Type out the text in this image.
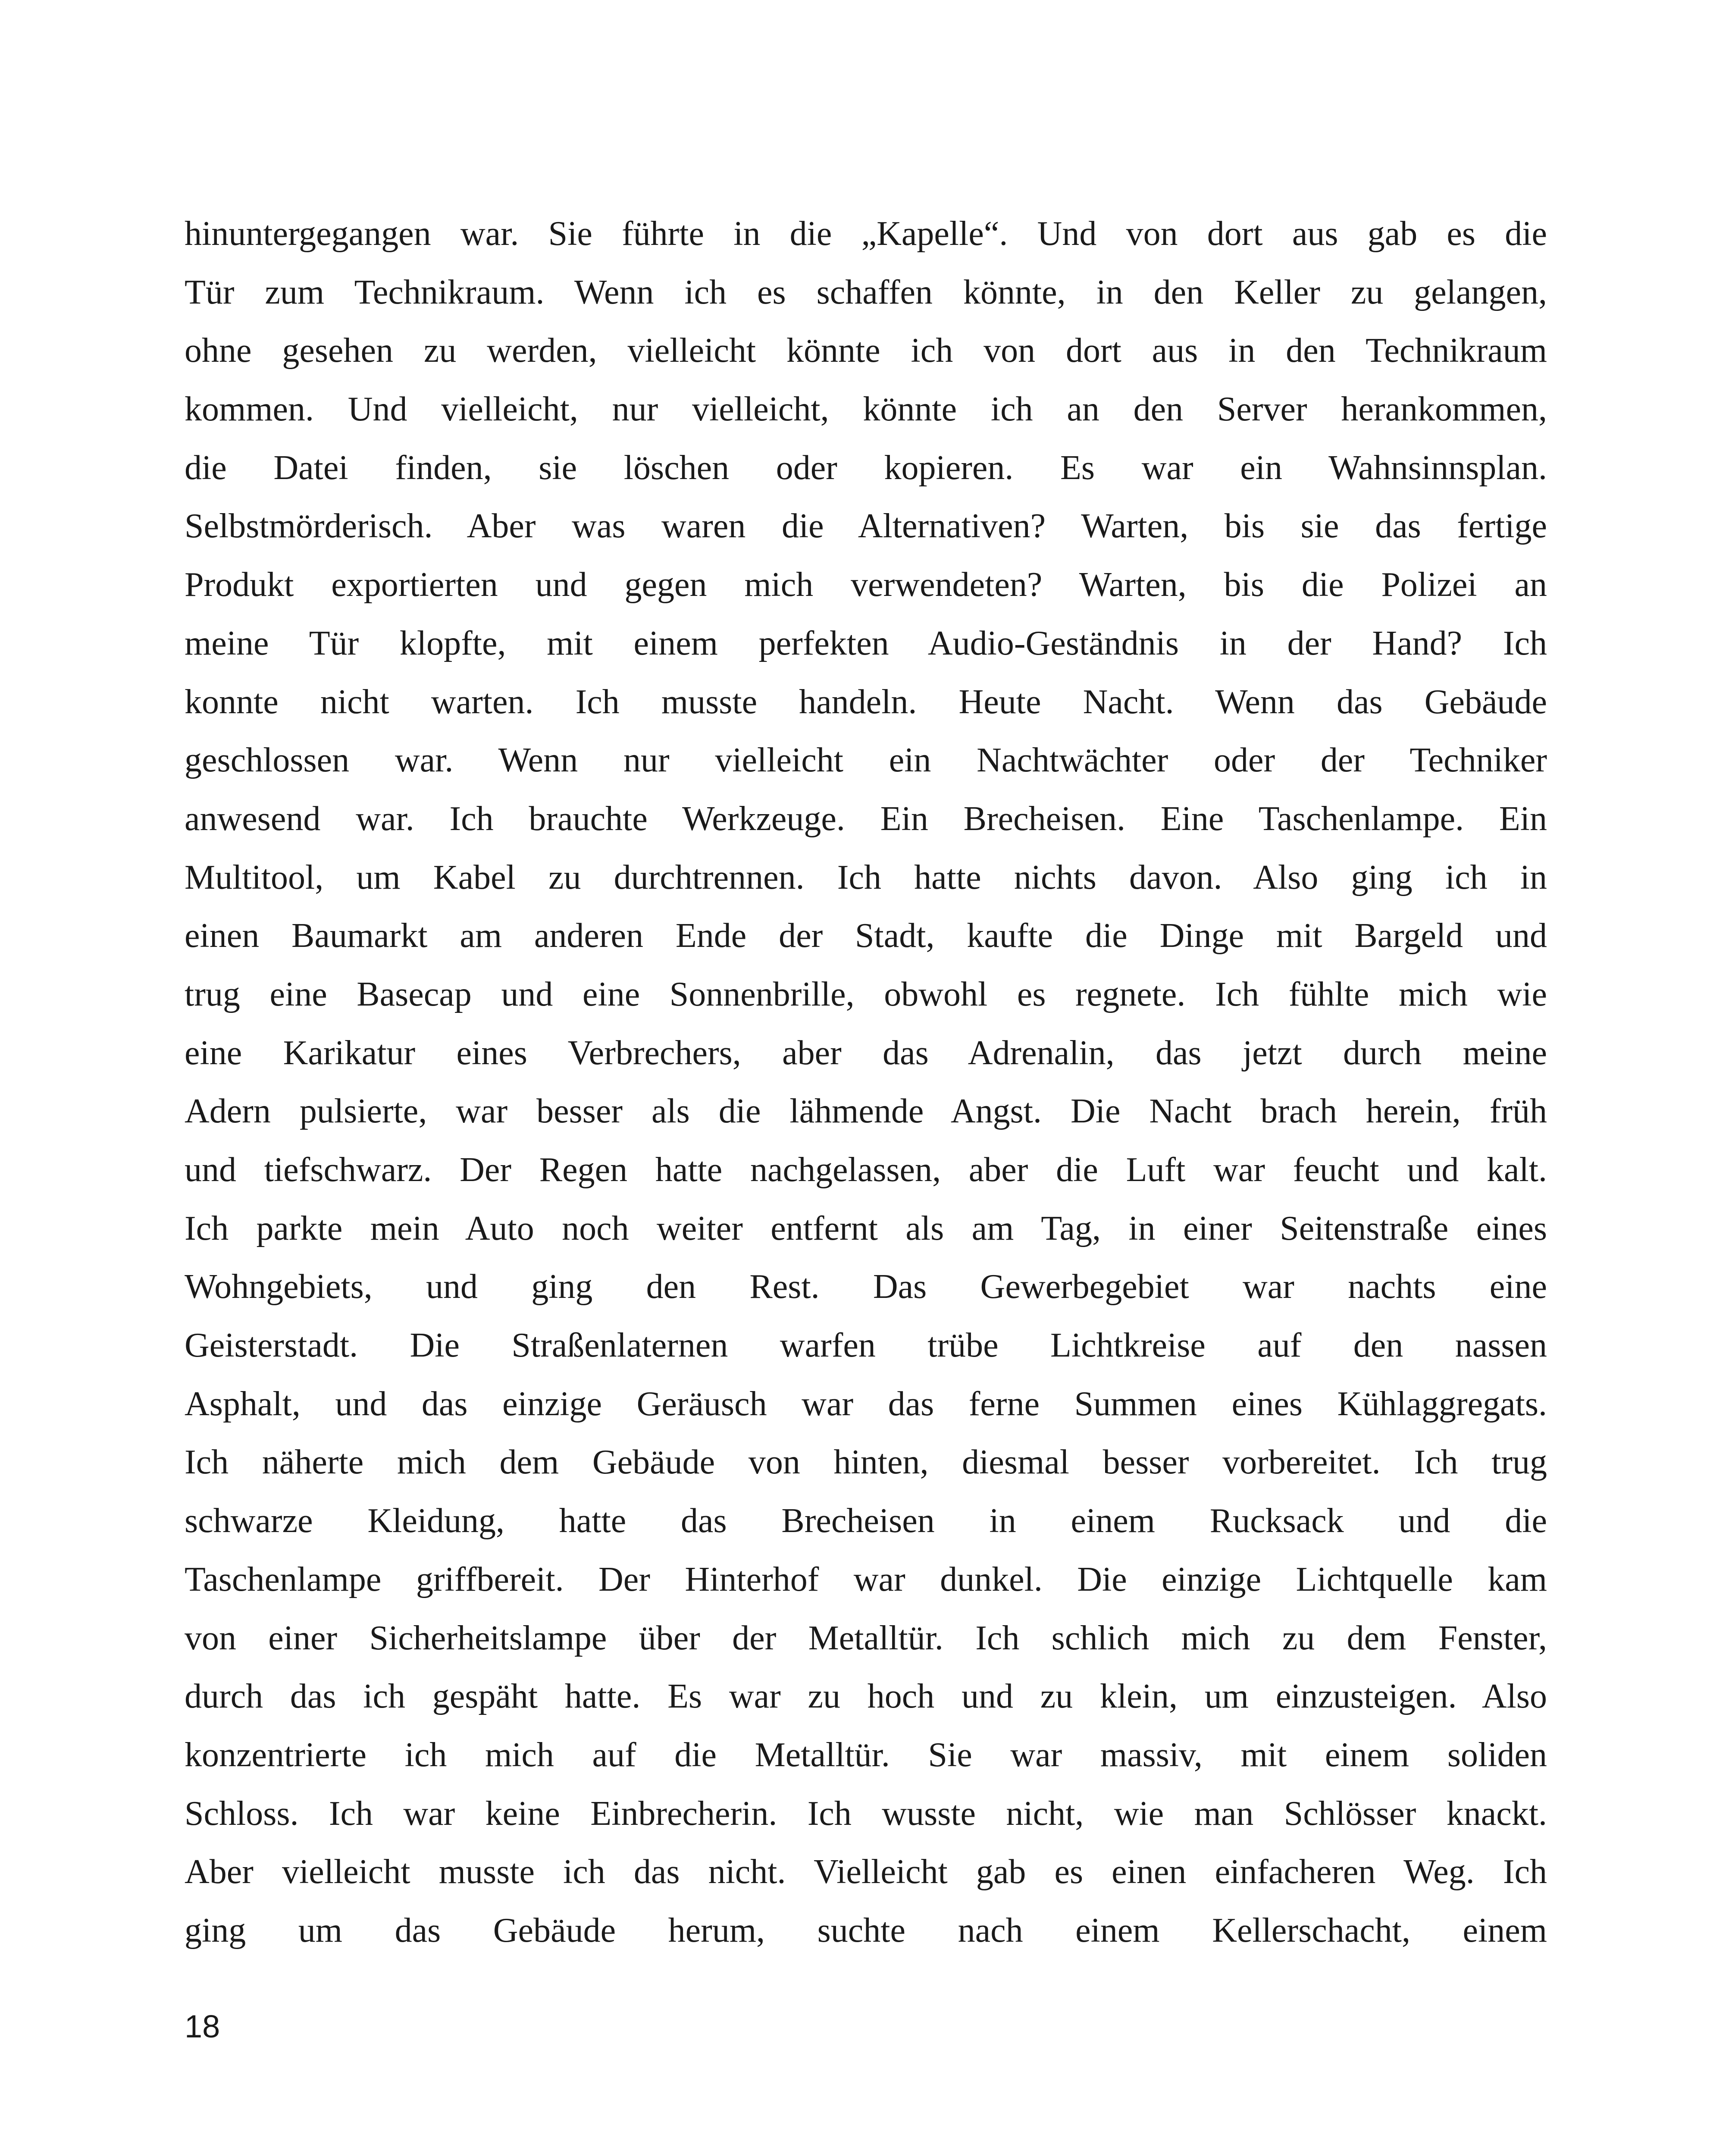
hinuntergegangen war. Sie führte in die „Kapelle“. Und von dort aus gab es die
Tür zum Technikraum. Wenn ich es schaffen könnte, in den Keller zu gelangen,
ohne gesehen zu werden, vielleicht könnte ich von dort aus in den Technikraum
kommen. Und vielleicht, nur vielleicht, könnte ich an den Server herankommen,
die Datei finden, sie löschen oder kopieren. Es war ein Wahnsinnsplan.
Selbstmörderisch. Aber was waren die Alternativen? Warten, bis sie das fertige
Produkt exportierten und gegen mich verwendeten? Warten, bis die Polizei an
meine Tür klopfte, mit einem perfekten Audio-Geständnis in der Hand? Ich
konnte nicht warten. Ich musste handeln. Heute Nacht. Wenn das Gebäude
geschlossen war. Wenn nur vielleicht ein Nachtwächter oder der Techniker
anwesend war. Ich brauchte Werkzeuge. Ein Brecheisen. Eine Taschenlampe. Ein
Multitool, um Kabel zu durchtrennen. Ich hatte nichts davon. Also ging ich in
einen Baumarkt am anderen Ende der Stadt, kaufte die Dinge mit Bargeld und
trug eine Basecap und eine Sonnenbrille, obwohl es regnete. Ich fühlte mich wie
eine Karikatur eines Verbrechers, aber das Adrenalin, das jetzt durch meine
Adern pulsierte, war besser als die lähmende Angst. Die Nacht brach herein, früh
und tiefschwarz. Der Regen hatte nachgelassen, aber die Luft war feucht und kalt.
Ich parkte mein Auto noch weiter entfernt als am Tag, in einer Seitenstraße eines
Wohngebiets, und ging den Rest. Das Gewerbegebiet war nachts eine
Geisterstadt. Die Straßenlaternen warfen trübe Lichtkreise auf den nassen
Asphalt, und das einzige Geräusch war das ferne Summen eines Kühlaggregats.
Ich näherte mich dem Gebäude von hinten, diesmal besser vorbereitet. Ich trug
schwarze Kleidung, hatte das Brecheisen in einem Rucksack und die
Taschenlampe griffbereit. Der Hinterhof war dunkel. Die einzige Lichtquelle kam
von einer Sicherheitslampe über der Metalltür. Ich schlich mich zu dem Fenster,
durch das ich gespäht hatte. Es war zu hoch und zu klein, um einzusteigen. Also
konzentrierte ich mich auf die Metalltür. Sie war massiv, mit einem soliden
Schloss. Ich war keine Einbrecherin. Ich wusste nicht, wie man Schlösser knackt.
Aber vielleicht musste ich das nicht. Vielleicht gab es einen einfacheren Weg. Ich
ging um das Gebäude herum, suchte nach einem Kellerschacht, einem
18
